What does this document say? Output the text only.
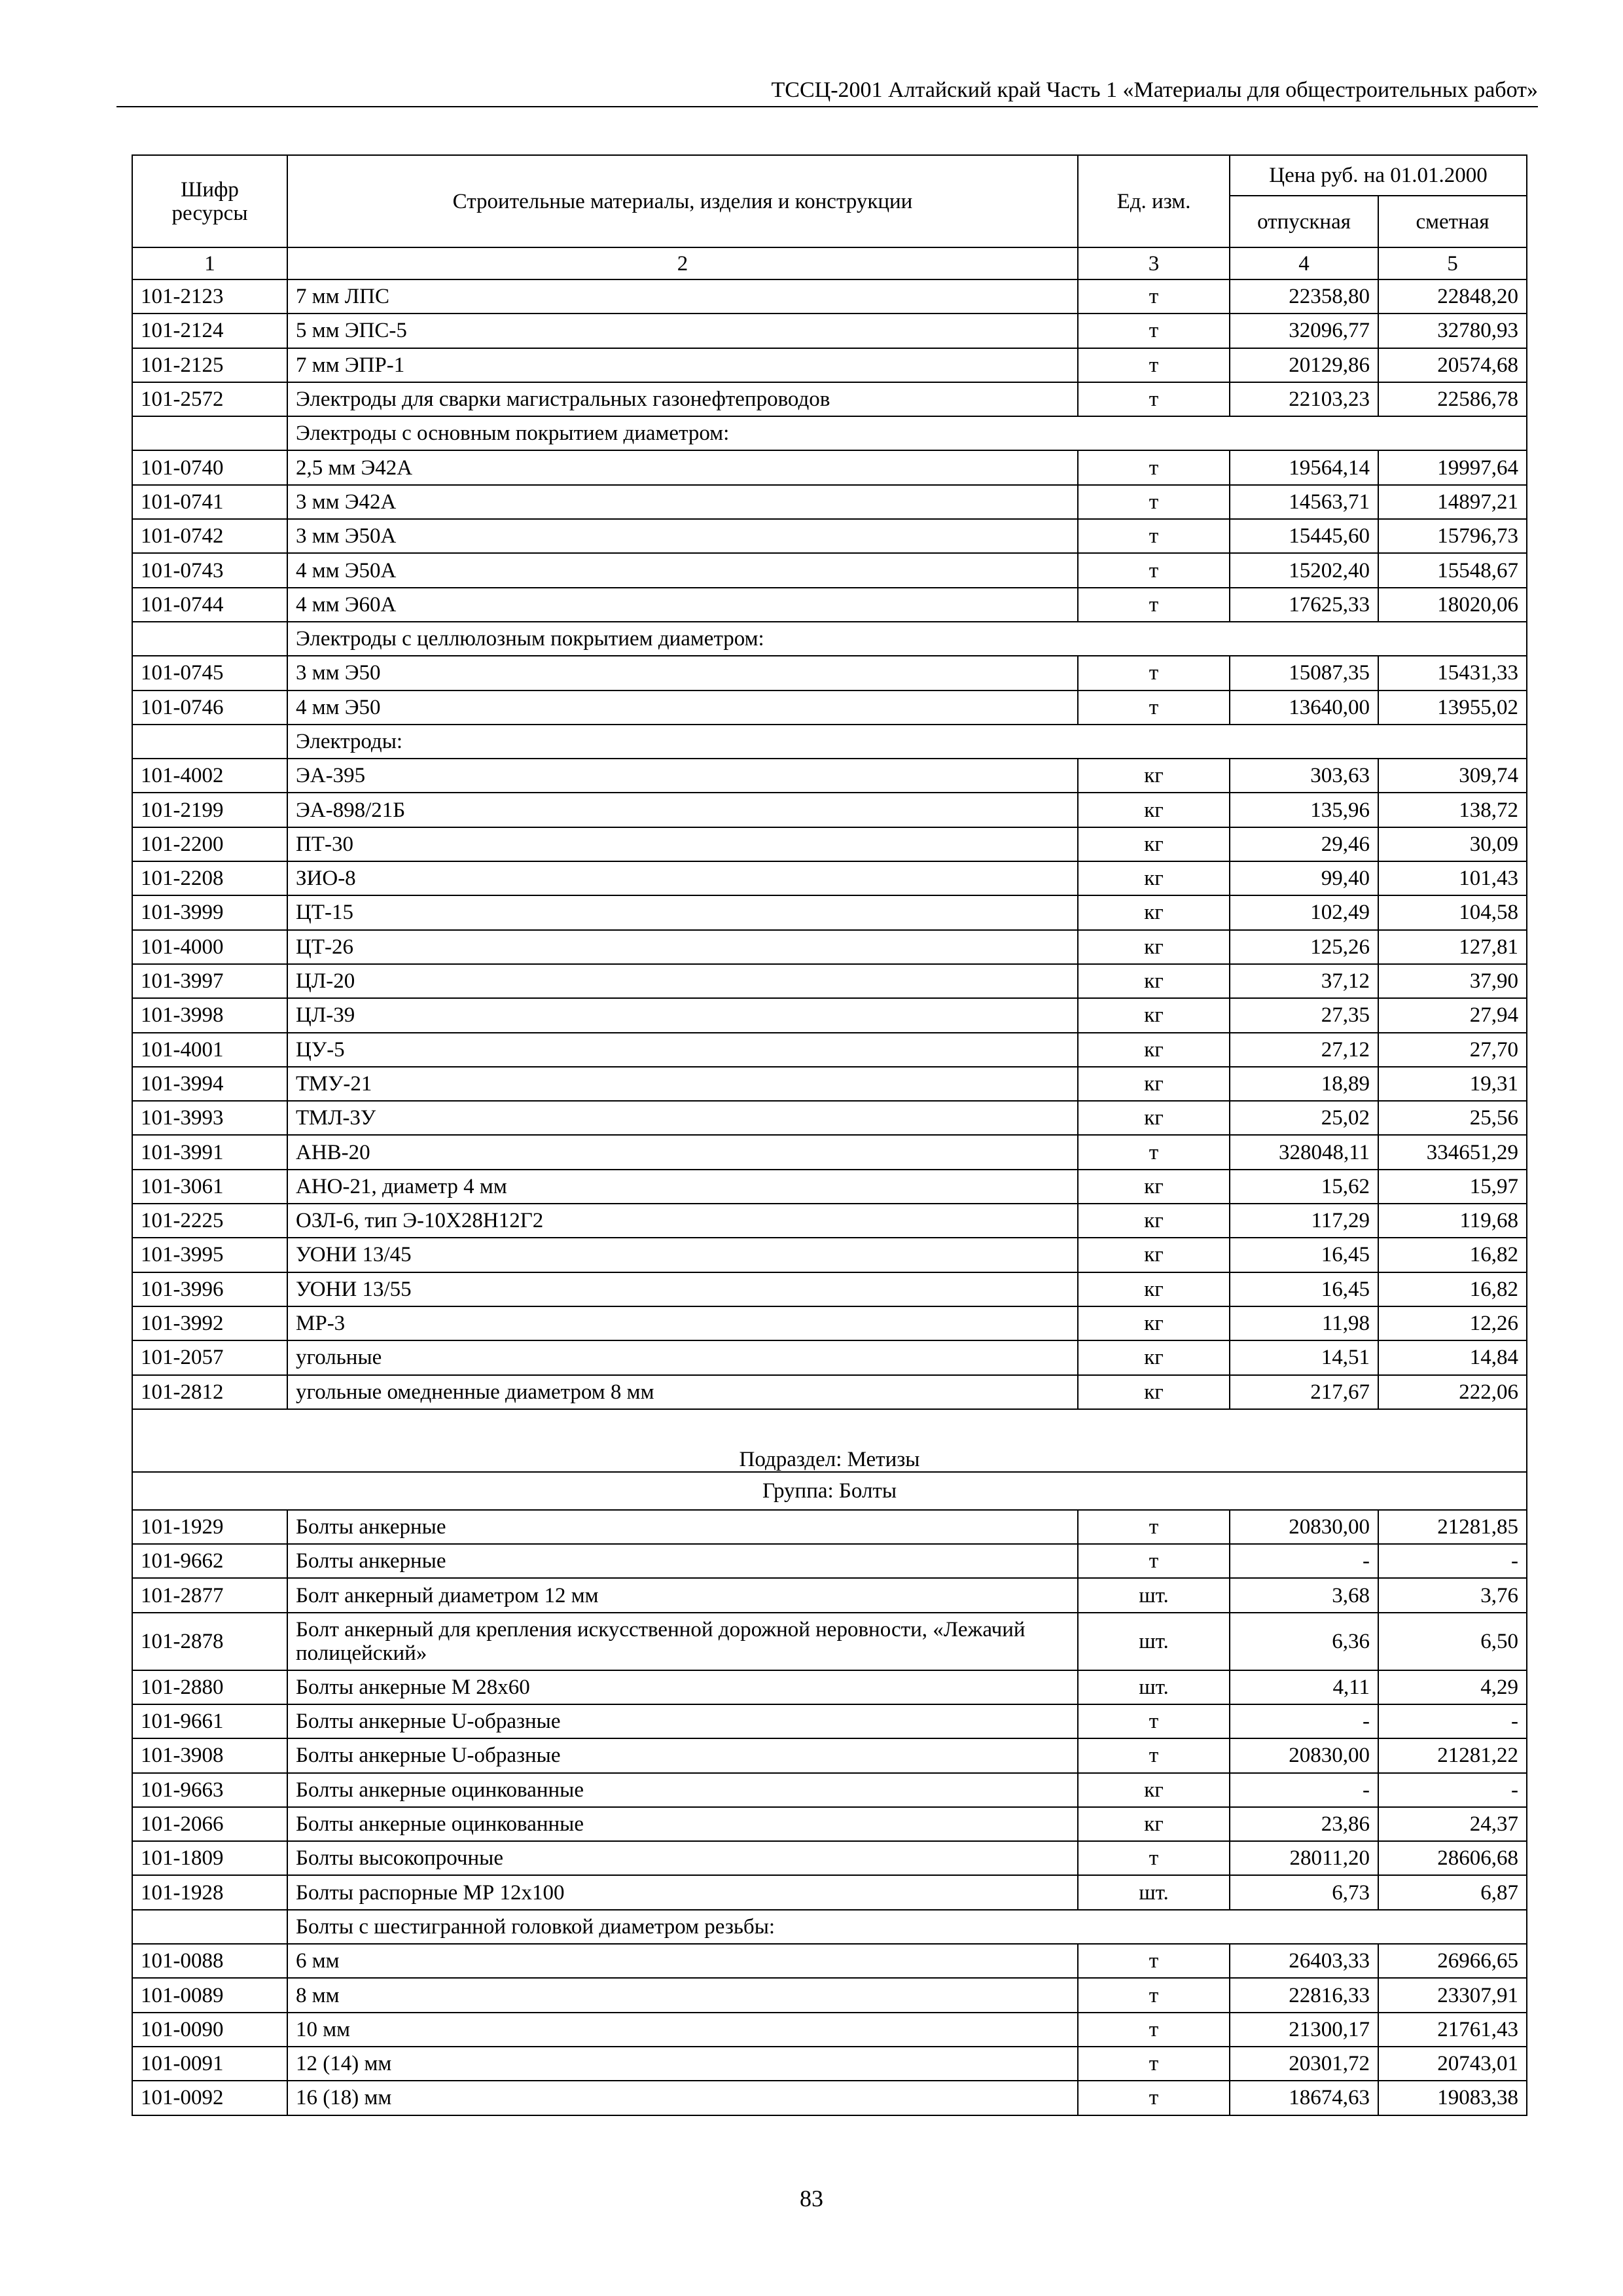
ТССЦ-2001 Алтайский край Часть 1 «Материалы для общестроительных работ»
Шифр ресурсы	Строительные материалы, изделия и конструкции	Ед. изм.	Цена руб. на 01.01.2000	
			отпускная	сметная
1	2	3	4	5
101-2123	7 мм ЛПС	т	22358,80	22848,20
101-2124	5 мм ЭПС-5	т	32096,77	32780,93
101-2125	7 мм ЭПР-1	т	20129,86	20574,68
101-2572	Электроды для сварки магистральных газонефтепроводов	т	22103,23	22586,78
	Электроды с основным покрытием диаметром:			
101-0740	2,5 мм Э42А	т	19564,14	19997,64
101-0741	3 мм Э42А	т	14563,71	14897,21
101-0742	3 мм Э50А	т	15445,60	15796,73
101-0743	4 мм Э50А	т	15202,40	15548,67
101-0744	4 мм Э60А	т	17625,33	18020,06
	Электроды с целлюлозным покрытием диаметром:			
101-0745	3 мм Э50	т	15087,35	15431,33
101-0746	4 мм Э50	т	13640,00	13955,02
	Электроды:			
101-4002	ЭА-395	кг	303,63	309,74
101-2199	ЭА-898/21Б	кг	135,96	138,72
101-2200	ПТ-30	кг	29,46	30,09
101-2208	ЗИО-8	кг	99,40	101,43
101-3999	ЦТ-15	кг	102,49	104,58
101-4000	ЦТ-26	кг	125,26	127,81
101-3997	ЦЛ-20	кг	37,12	37,90
101-3998	ЦЛ-39	кг	27,35	27,94
101-4001	ЦУ-5	кг	27,12	27,70
101-3994	ТМУ-21	кг	18,89	19,31
101-3993	ТМЛ-3У	кг	25,02	25,56
101-3991	АНВ-20	т	328048,11	334651,29
101-3061	АНО-21, диаметр 4 мм	кг	15,62	15,97
101-2225	ОЗЛ-6, тип Э-10Х28Н12Г2	кг	117,29	119,68
101-3995	УОНИ 13/45	кг	16,45	16,82
101-3996	УОНИ 13/55	кг	16,45	16,82
101-3992	МР-3	кг	11,98	12,26
101-2057	угольные	кг	14,51	14,84
101-2812	угольные омедненные диаметром 8 мм	кг	217,67	222,06
Подраздел: Метизы				
Группа: Болты				
101-1929	Болты анкерные	т	20830,00	21281,85
101-9662	Болты анкерные	т	-	-
101-2877	Болт анкерный диаметром 12 мм	шт.	3,68	3,76
101-2878	Болт анкерный для крепления искусственной дорожной неровности, «Лежачий полицейский»	шт.	6,36	6,50
101-2880	Болты анкерные М 28х60	шт.	4,11	4,29
101-9661	Болты анкерные U-образные	т	-	-
101-3908	Болты анкерные U-образные	т	20830,00	21281,22
101-9663	Болты анкерные оцинкованные	кг	-	-
101-2066	Болты анкерные оцинкованные	кг	23,86	24,37
101-1809	Болты высокопрочные	т	28011,20	28606,68
101-1928	Болты распорные МР 12х100	шт.	6,73	6,87
	Болты с шестигранной головкой диаметром резьбы:			
101-0088	6 мм	т	26403,33	26966,65
101-0089	8 мм	т	22816,33	23307,91
101-0090	10 мм	т	21300,17	21761,43
101-0091	12 (14) мм	т	20301,72	20743,01
101-0092	16 (18) мм	т	18674,63	19083,38
83
